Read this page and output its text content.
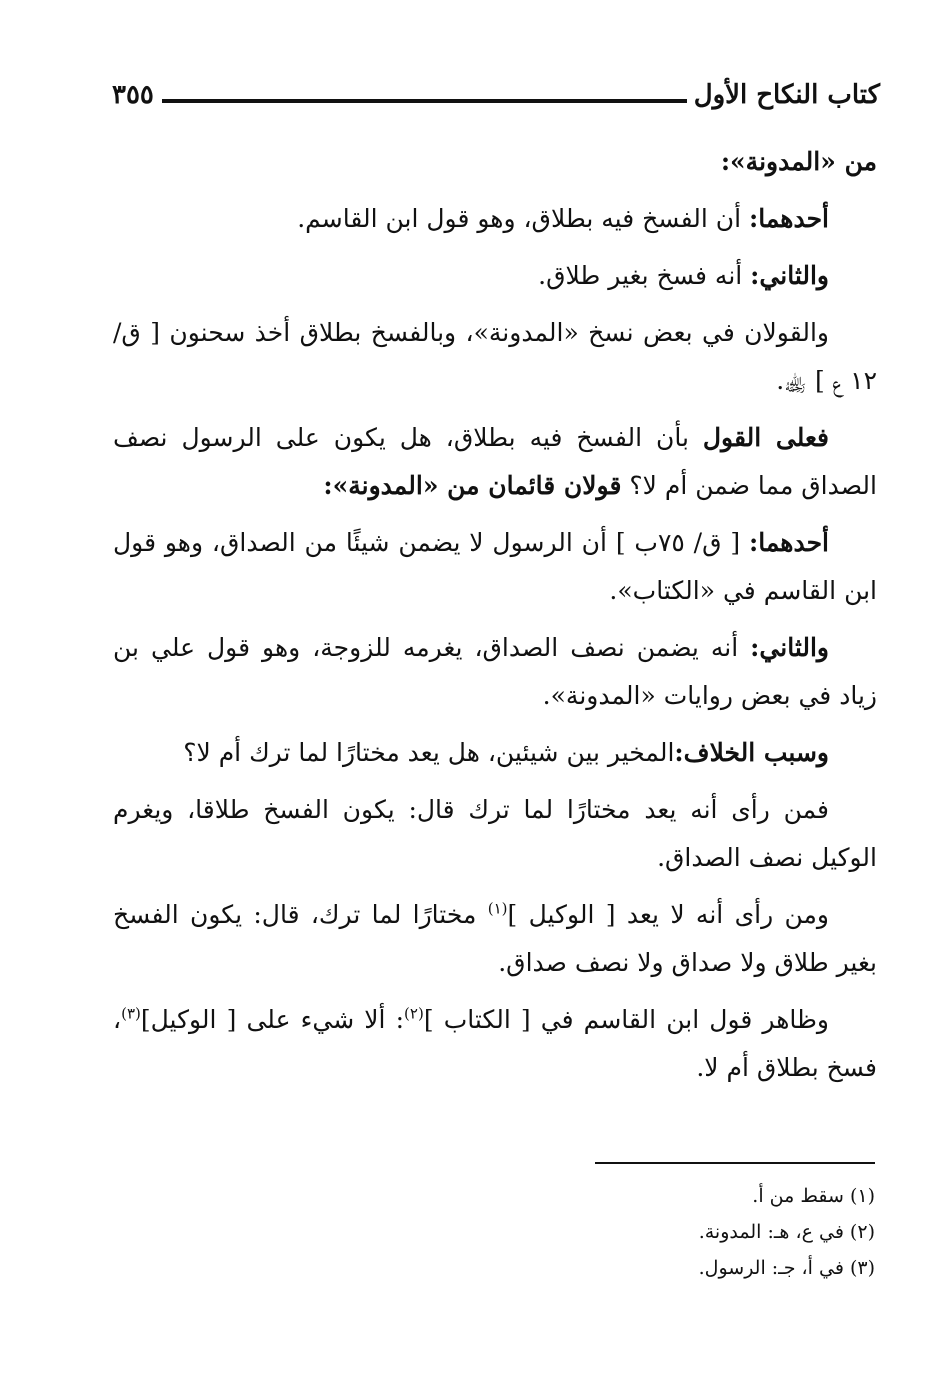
كتاب النكاح الأول
٣٥٥

من «المدونة»:

أحدهما: أن الفسخ فيه بطلاق، وهو قول ابن القاسم.

والثاني: أنه فسخ بغير طلاق.

والقولان في بعض نسخ «المدونة»، وبالفسخ بطلاق أخذ سحنون [ ق/ ١٢ ع ] ﵀.

فعلى القول بأن الفسخ فيه بطلاق، هل يكون على الرسول نصف الصداق مما ضمن أم لا؟ قولان قائمان من «المدونة»:

أحدهما: [ ق/ ٧٥ب ] أن الرسول لا يضمن شيئًا من الصداق، وهو قول ابن القاسم في «الكتاب».

والثاني: أنه يضمن نصف الصداق، يغرمه للزوجة، وهو قول علي بن زياد في بعض روايات «المدونة».

وسبب الخلاف:المخير بين شيئين، هل يعد مختارًا لما ترك أم لا؟

فمن رأى أنه يعد مختارًا لما ترك قال: يكون الفسخ طلاقا، ويغرم الوكيل نصف الصداق.

ومن رأى أنه لا يعد [ الوكيل ]$^{(١)}$ مختارًا لما ترك، قال: يكون الفسخ بغير طلاق ولا صداق ولا نصف صداق.

وظاهر قول ابن القاسم في [ الكتاب ]$^{(٢)}$: ألا شيء على [ الوكيل]$^{(٣)}$، فسخ بطلاق أم لا.

(١) سقط من أ.

(٢) في ع، هـ: المدونة.

(٣) في أ، جـ: الرسول.
